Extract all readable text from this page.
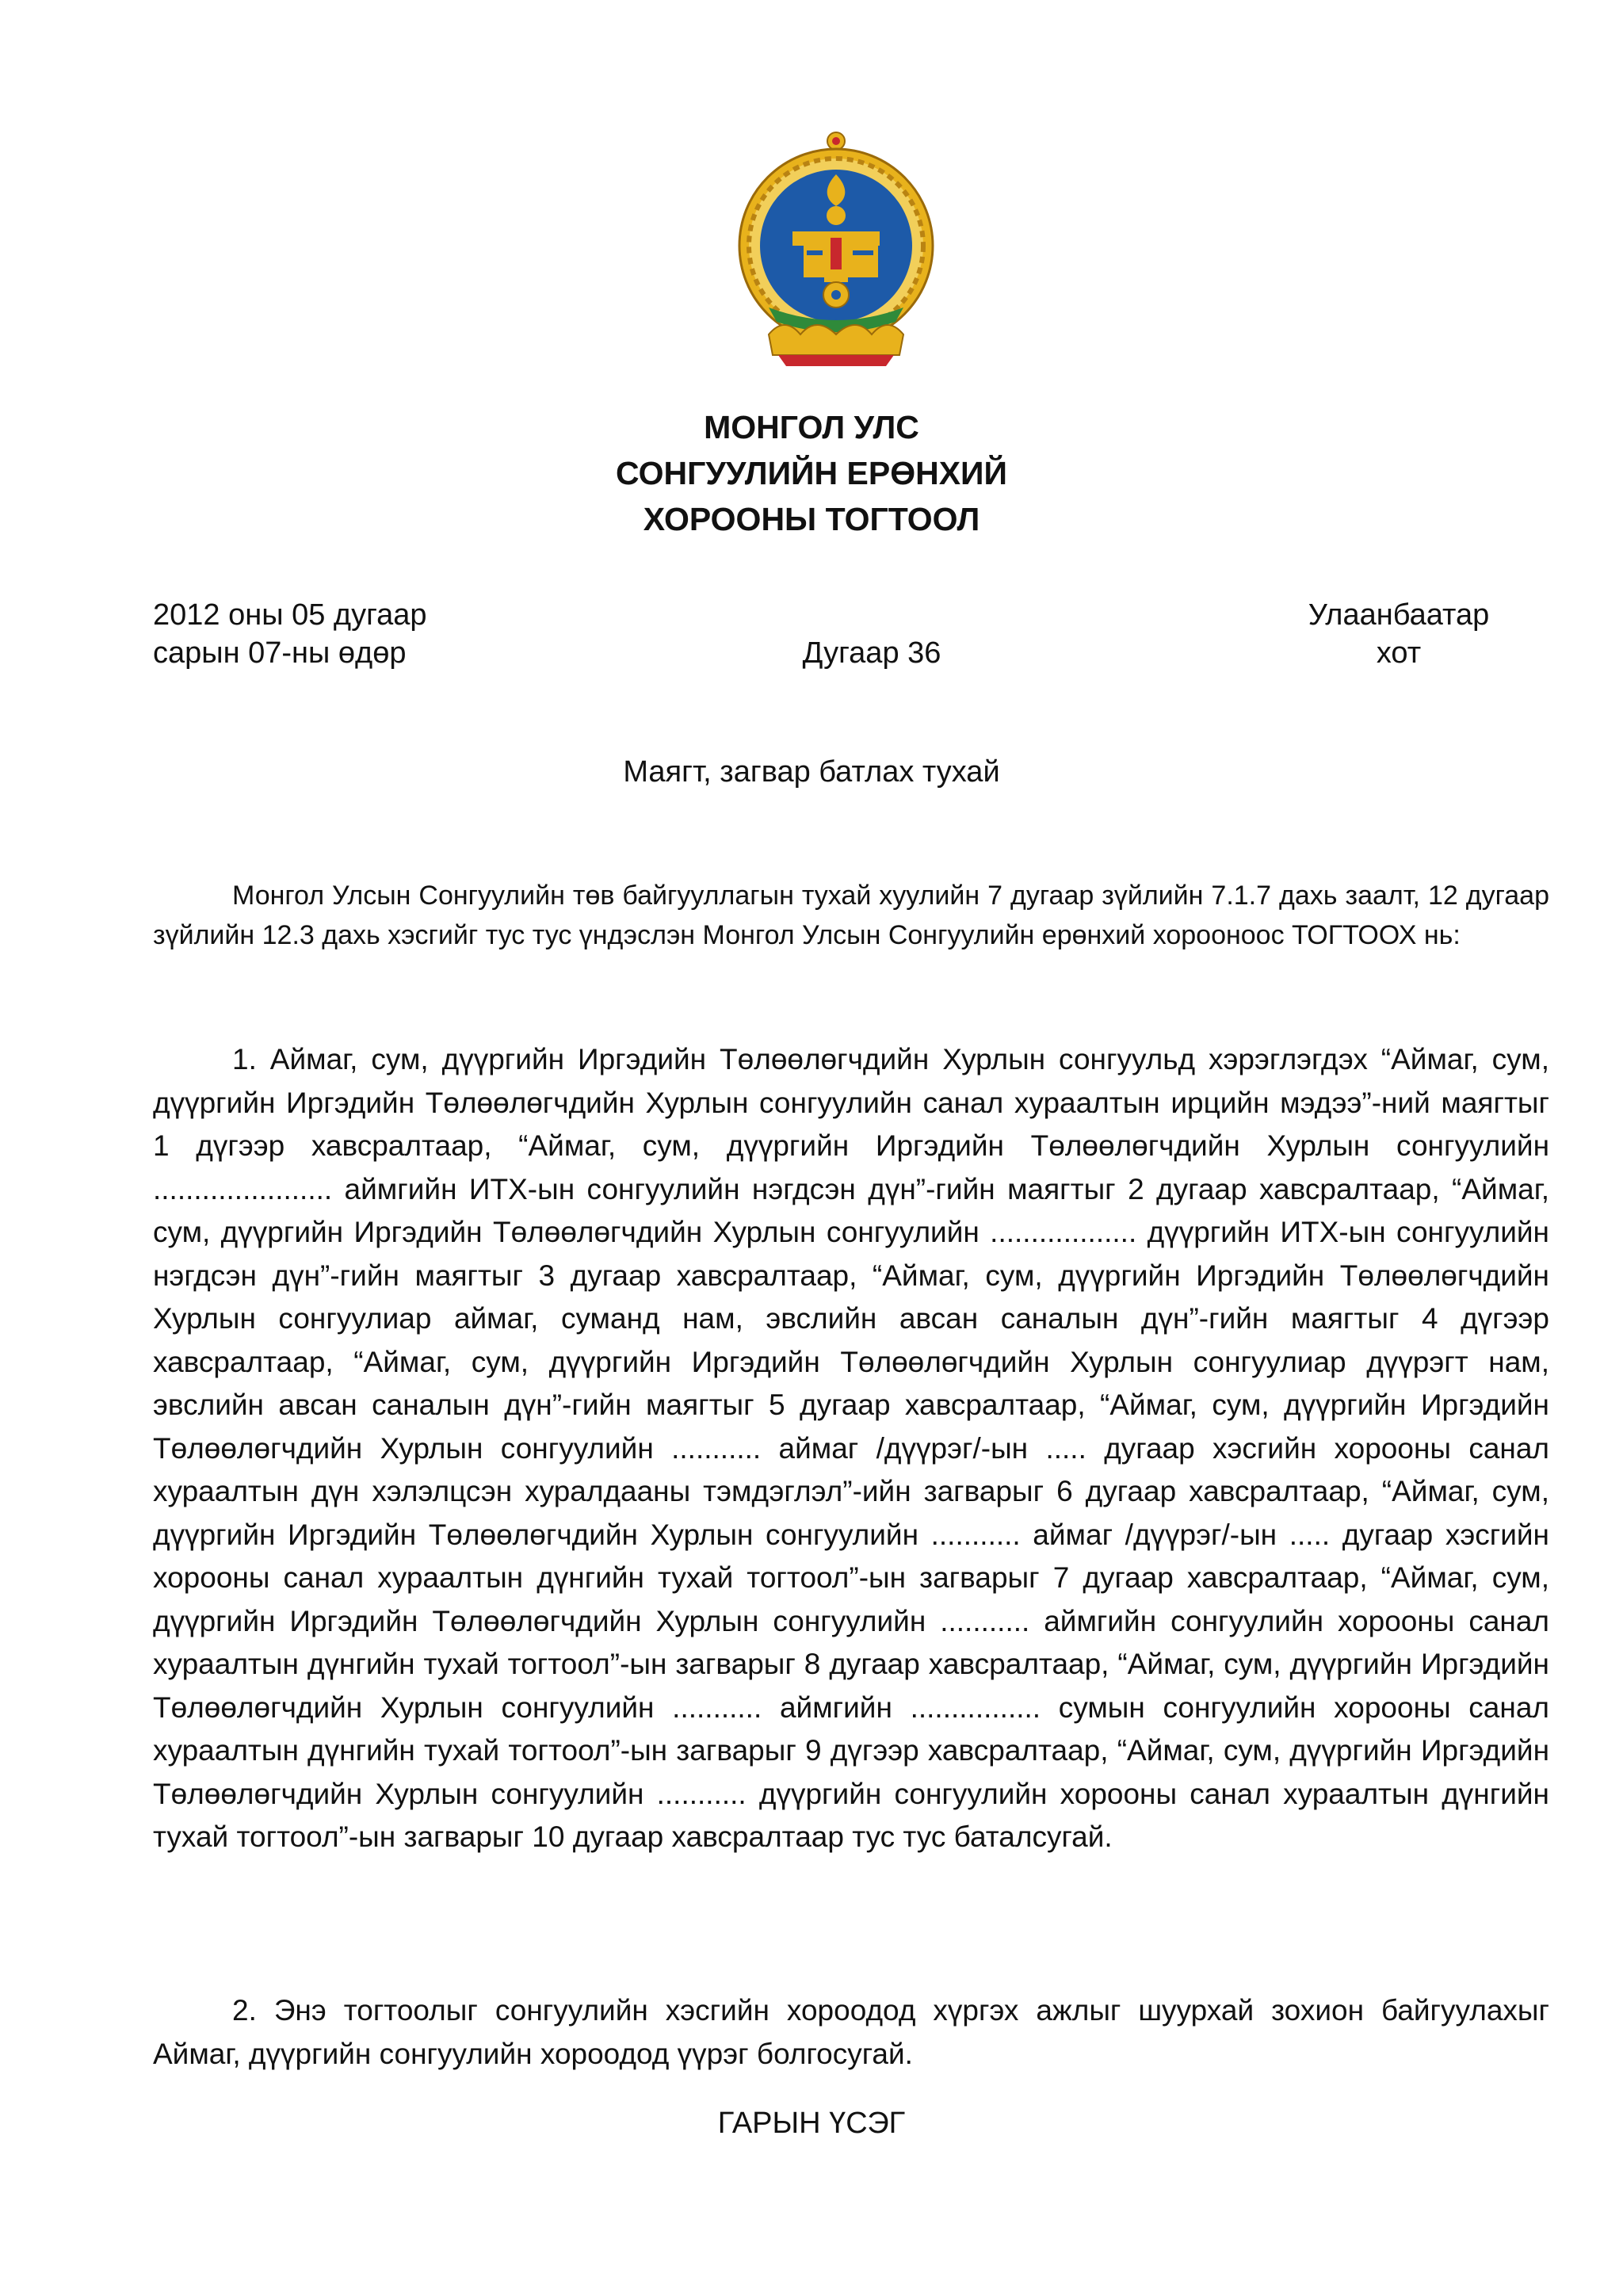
МОНГОЛ УЛС
СОНГУУЛИЙН ЕРӨНХИЙ
ХОРООНЫ ТОГТООЛ
2012 оны 05 дугаар
сарын 07-ны өдөр	Дугаар 36
Улаанбаатар
хот
Маягт, загвар батлах тухай
Монгол Улсын Сонгуулийн төв байгууллагын тухай хуулийн 7 дугаар зүйлийн 7.1.7 дахь заалт, 12 дугаар зүйлийн 12.3 дахь хэсгийг тус тус үндэслэн Монгол Улсын Сонгуулийн ерөнхий хорооноос ТОГТООХ нь:
1. Аймаг, сум, дүүргийн Иргэдийн Төлөөлөгчдийн Хурлын сонгуульд хэрэглэгдэх “Аймаг, сум, дүүргийн Иргэдийн Төлөөлөгчдийн Хурлын сонгуулийн санал хураалтын ирцийн мэдээ”-ний маягтыг 1 дүгээр хавсралтаар, “Аймаг, сум, дүүргийн Иргэдийн Төлөөлөгчдийн Хурлын сонгуулийн ...................... аймгийн ИТХ-ын сонгуулийн нэгдсэн дүн”-гийн маягтыг 2 дугаар хавсралтаар, “Аймаг, сум, дүүргийн Иргэдийн Төлөөлөгчдийн Хурлын сонгуулийн .................. дүүргийн ИТХ-ын сонгуулийн нэгдсэн дүн”-гийн маягтыг 3 дугаар хавсралтаар, “Аймаг, сум, дүүргийн Иргэдийн Төлөөлөгчдийн Хурлын сонгуулиар аймаг, суманд нам, эвслийн авсан саналын дүн”-гийн маягтыг 4 дүгээр хавсралтаар, “Аймаг, сум, дүүргийн Иргэдийн Төлөөлөгчдийн Хурлын сонгуулиар дүүрэгт нам, эвслийн авсан саналын дүн”-гийн маягтыг 5 дугаар хавсралтаар, “Аймаг, сум, дүүргийн Иргэдийн Төлөөлөгчдийн Хурлын сонгуулийн ........... аймаг /дүүрэг/-ын ..... дугаар хэсгийн хорооны санал хураалтын дүн хэлэлцсэн хуралдааны тэмдэглэл”-ийн загварыг 6 дугаар хавсралтаар, “Аймаг, сум, дүүргийн Иргэдийн Төлөөлөгчдийн Хурлын сонгуулийн ........... аймаг /дүүрэг/-ын ..... дугаар хэсгийн хорооны санал хураалтын дүнгийн тухай тогтоол”-ын загварыг 7 дугаар хавсралтаар, “Аймаг, сум, дүүргийн Иргэдийн Төлөөлөгчдийн Хурлын сонгуулийн ........... аймгийн сонгуулийн хорооны санал хураалтын дүнгийн тухай тогтоол”-ын загварыг 8 дугаар хавсралтаар, “Аймаг, сум, дүүргийн Иргэдийн Төлөөлөгчдийн Хурлын сонгуулийн ........... аймгийн ................ сумын сонгуулийн хорооны санал хураалтын дүнгийн тухай тогтоол”-ын загварыг 9 дүгээр хавсралтаар, “Аймаг, сум, дүүргийн Иргэдийн Төлөөлөгчдийн Хурлын сонгуулийн ........... дүүргийн сонгуулийн хорооны санал хураалтын дүнгийн тухай тогтоол”-ын загварыг 10 дугаар хавсралтаар тус тус баталсугай.
2. Энэ тогтоолыг сонгуулийн хэсгийн хороодод хүргэх ажлыг шуурхай зохион байгуулахыг Аймаг, дүүргийн сонгуулийн хороодод үүрэг болгосугай.
ГАРЫН ҮСЭГ
